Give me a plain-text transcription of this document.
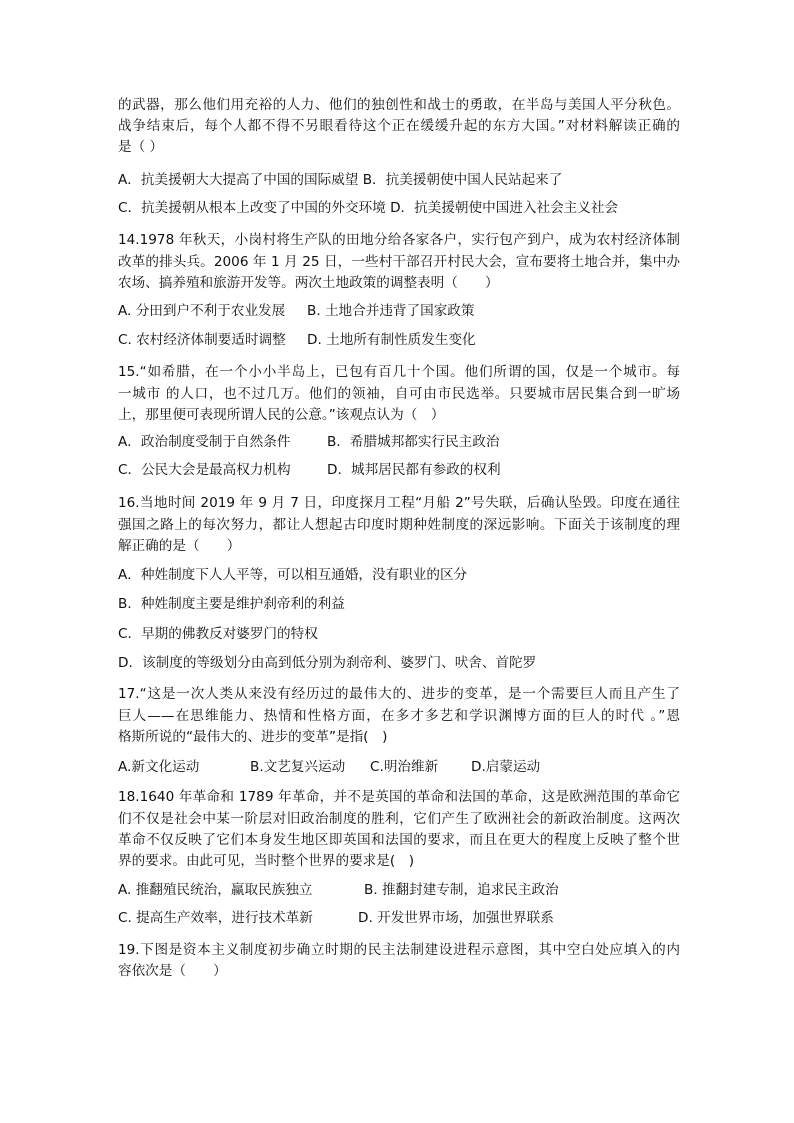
的武器，那么他们用充裕的人力、他们的独创性和战士的勇敢，在半岛与美国人平分秋色。
战争结束后，每个人都不得不另眼看待这个正在缓缓升起的东方大国。”对材料解读正确的
是（ ）
A．抗美援朝大大提高了中国的国际威望 B．抗美援朝使中国人民站起来了
C．抗美援朝从根本上改变了中国的外交环境 D．抗美援朝使中国进入社会主义社会
14.1978 年秋天，小岗村将生产队的田地分给各家各户，实行包产到户，成为农村经济体制
改革的排头兵。2006 年 1 月 25 日，一些村干部召开村民大会，宣布要将土地合并，集中办
农场、搞养殖和旅游开发等。两次土地政策的调整表明（　　）
A. 分田到户不利于农业发展 B. 土地合并违背了国家政策
C. 农村经济体制要适时调整 D. 土地所有制性质发生变化
15.“如希腊，在一个小小半岛上，已包有百几十个国。他们所谓的国，仅是一个城市。每
一城市 的人口，也不过几万。他们的领袖，自可由市民选举。只要城市居民集合到一旷场
上，那里便可表现所谓人民的公意。”该观点认为（　）
A．政治制度受制于自然条件	B．希腊城邦都实行民主政治
C．公民大会是最高权力机构	D．城邦居民都有参政的权利
16.当地时间 2019 年 9 月 7 日，印度探月工程“月船 2”号失联，后确认坠毁。印度在通往
强国之路上的每次努力，都让人想起古印度时期种姓制度的深远影响。下面关于该制度的理
解正确的是（　　）
A．种姓制度下人人平等，可以相互通婚，没有职业的区分
B．种姓制度主要是维护刹帝利的利益
C．早期的佛教反对婆罗门的特权
D．该制度的等级划分由高到低分别为刹帝利、婆罗门、吠舍、首陀罗
17.“这是一次人类从来没有经历过的最伟大的、进步的变革，是一个需要巨人而且产生了
巨人——在思维能力、热情和性格方面，在多才多艺和学识渊博方面的巨人的时代 。”恩
格斯所说的“最伟大的、进步的变革”是指(　)
A.新文化运动	B.文艺复兴运动 C.明治维新 D.启蒙运动
18.1640 年革命和 1789 年革命，并不是英国的革命和法国的革命，这是欧洲范围的革命它
们不仅是社会中某一阶层对旧政治制度的胜利，它们产生了欧洲社会的新政治制度。这两次
革命不仅反映了它们本身发生地区即英国和法国的要求，而且在更大的程度上反映了整个世
界的要求。由此可见，当时整个世界的要求是(　)
A. 推翻殖民统治，赢取民族独立	B. 推翻封建专制，追求民主政治
C. 提高生产效率，进行技术革新	D. 开发世界市场，加强世界联系
19.下图是资本主义制度初步确立时期的民主法制建设进程示意图，其中空白处应填入的内
容依次是（　　）
